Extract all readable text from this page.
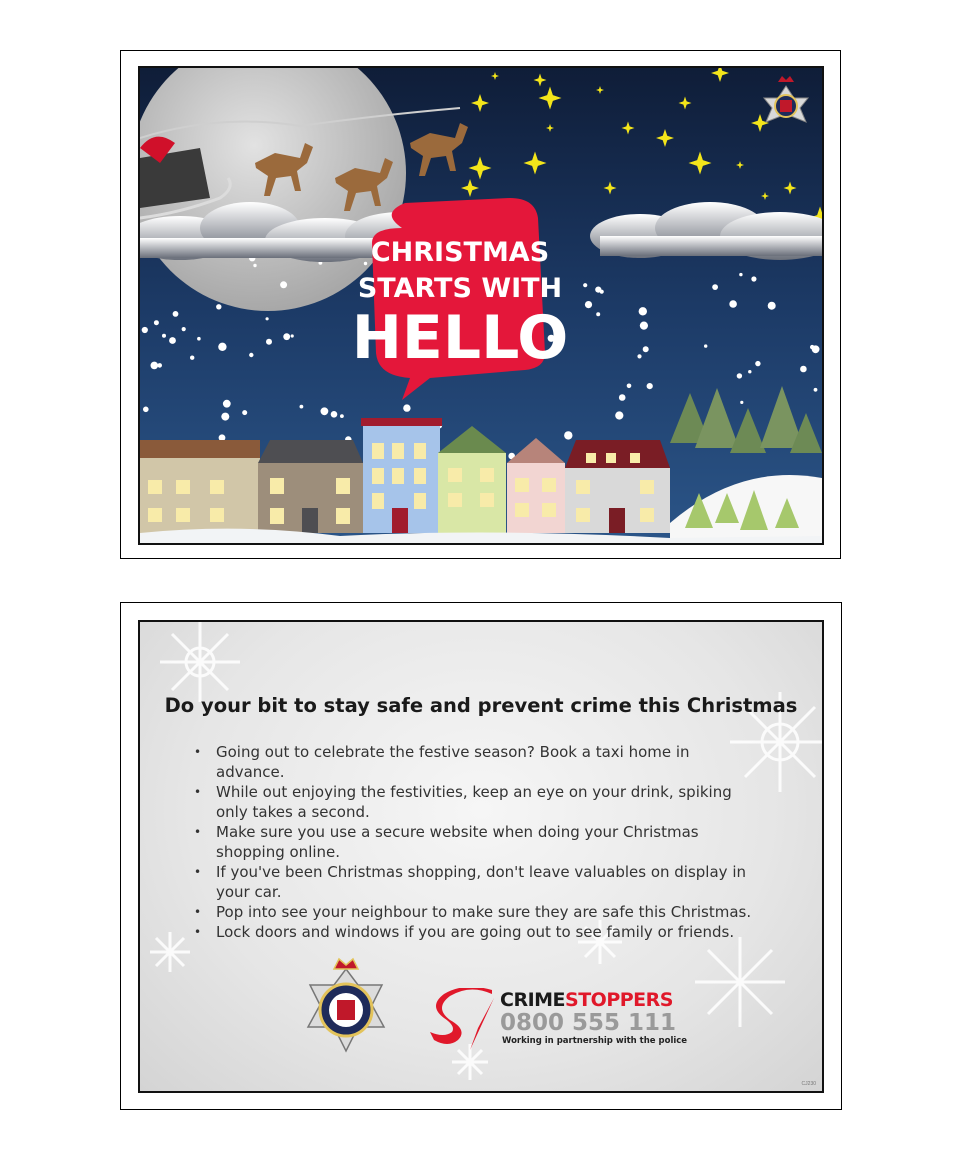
CHRISTMAS
STARTS WITH
HELLO
Do your bit to stay safe and prevent crime this Christmas
• Going out to celebrate the festive season? Book a taxi home in advance.
• While out enjoying the festivities, keep an eye on your drink, spiking only takes a second.
• Make sure you use a secure website when doing your Christmas shopping online.
• If you've been Christmas shopping, don't leave valuables on display in your car.
• Pop into see your neighbour to make sure they are safe this Christmas.
• Lock doors and windows if you are going out to see family or friends.
CRIMESTOPPERS
0800 555 111
Working in partnership with the police
CJ230
